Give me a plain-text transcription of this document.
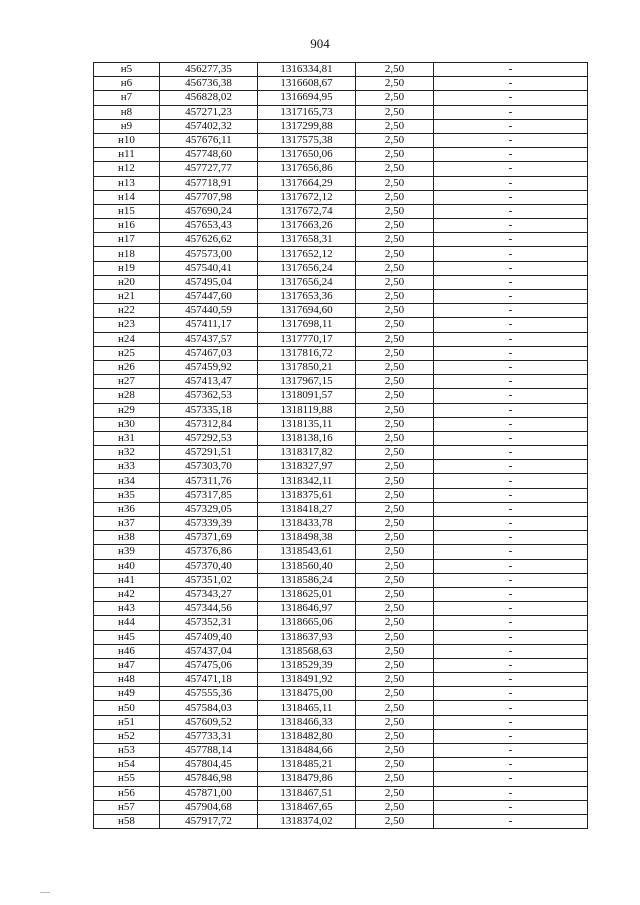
904
н5	456277,35	1316334,81	2,50	-
н6	456736,38	1316608,67	2,50	-
н7	456828,02	1316694,95	2,50	-
н8	457271,23	1317165,73	2,50	-
н9	457402,32	1317299,88	2,50	-
н10	457676,11	1317575,38	2,50	-
н11	457748,60	1317650,06	2,50	-
н12	457727,77	1317656,86	2,50	-
н13	457718,91	1317664,29	2,50	-
н14	457707,98	1317672,12	2,50	-
н15	457690,24	1317672,74	2,50	-
н16	457653,43	1317663,26	2,50	-
н17	457626,62	1317658,31	2,50	-
н18	457573,00	1317652,12	2,50	-
н19	457540,41	1317656,24	2,50	-
н20	457495,04	1317656,24	2,50	-
н21	457447,60	1317653,36	2,50	-
н22	457440,59	1317694,60	2,50	-
н23	457411,17	1317698,11	2,50	-
н24	457437,57	1317770,17	2,50	-
н25	457467,03	1317816,72	2,50	-
н26	457459,92	1317850,21	2,50	-
н27	457413,47	1317967,15	2,50	-
н28	457362,53	1318091,57	2,50	-
н29	457335,18	1318119,88	2,50	-
н30	457312,84	1318135,11	2,50	-
н31	457292,53	1318138,16	2,50	-
н32	457291,51	1318317,82	2,50	-
н33	457303,70	1318327,97	2,50	-
н34	457311,76	1318342,11	2,50	-
н35	457317,85	1318375,61	2,50	-
н36	457329,05	1318418,27	2,50	-
н37	457339,39	1318433,78	2,50	-
н38	457371,69	1318498,38	2,50	-
н39	457376,86	1318543,61	2,50	-
н40	457370,40	1318560,40	2,50	-
н41	457351,02	1318586,24	2,50	-
н42	457343,27	1318625,01	2,50	-
н43	457344,56	1318646,97	2,50	-
н44	457352,31	1318665,06	2,50	-
н45	457409,40	1318637,93	2,50	-
н46	457437,04	1318568,63	2,50	-
н47	457475,06	1318529,39	2,50	-
н48	457471,18	1318491,92	2,50	-
н49	457555,36	1318475,00	2,50	-
н50	457584,03	1318465,11	2,50	-
н51	457609,52	1318466,33	2,50	-
н52	457733,31	1318482,80	2,50	-
н53	457788,14	1318484,66	2,50	-
н54	457804,45	1318485,21	2,50	-
н55	457846,98	1318479,86	2,50	-
н56	457871,00	1318467,51	2,50	-
н57	457904,68	1318467,65	2,50	-
н58	457917,72	1318374,02	2,50	-
